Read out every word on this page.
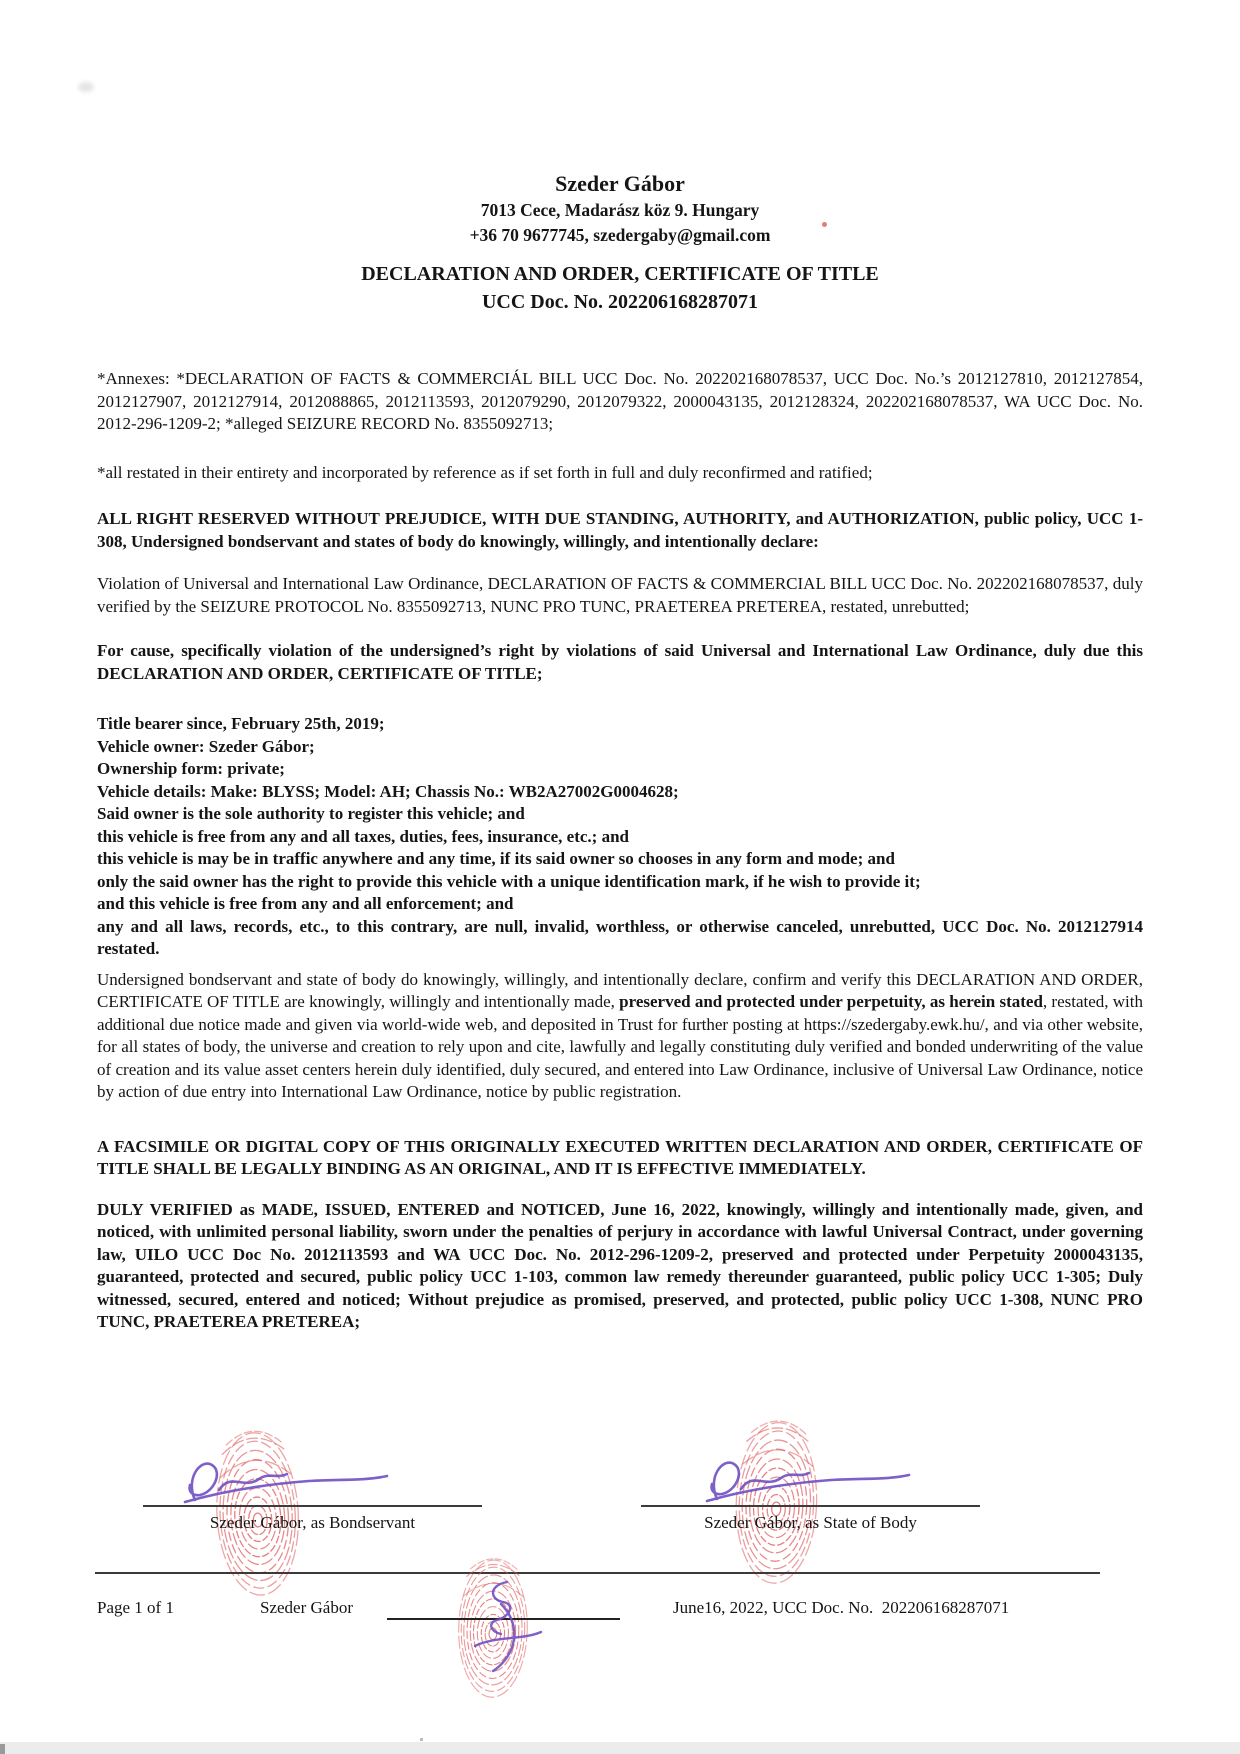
Szeder Gábor
7013 Cece, Madarász köz 9. Hungary
+36 70 9677745, szedergaby@gmail.com
DECLARATION AND ORDER, CERTIFICATE OF TITLE
UCC Doc. No. 202206168287071
*Annexes: *DECLARATION OF FACTS & COMMERCIÁL BILL UCC Doc. No. 202202168078537, UCC Doc. No.’s 2012127810, 2012127854, 2012127907, 2012127914, 2012088865, 2012113593, 2012079290, 2012079322, 2000043135, 2012128324, 202202168078537, WA UCC Doc. No. 2012-296-1209-2; *alleged SEIZURE RECORD No. 8355092713;
*all restated in their entirety and incorporated by reference as if set forth in full and duly reconfirmed and ratified;
ALL RIGHT RESERVED WITHOUT PREJUDICE, WITH DUE STANDING, AUTHORITY, and AUTHORIZATION, public policy, UCC 1-308, Undersigned bondservant and states of body do knowingly, willingly, and intentionally declare:
Violation of Universal and International Law Ordinance, DECLARATION OF FACTS & COMMERCIAL BILL UCC Doc. No. 202202168078537, duly verified by the SEIZURE PROTOCOL No. 8355092713, NUNC PRO TUNC, PRAETEREA PRETEREA, restated, unrebutted;
For cause, specifically violation of the undersigned’s right by violations of said Universal and International Law Ordinance, duly due this DECLARATION AND ORDER, CERTIFICATE OF TITLE;
Title bearer since, February 25th, 2019;
Vehicle owner: Szeder Gábor;
Ownership form: private;
Vehicle details: Make: BLYSS; Model: AH; Chassis No.: WB2A27002G0004628;
Said owner is the sole authority to register this vehicle; and
this vehicle is free from any and all taxes, duties, fees, insurance, etc.; and
this vehicle is may be in traffic anywhere and any time, if its said owner so chooses in any form and mode; and
only the said owner has the right to provide this vehicle with a unique identification mark, if he wish to provide it;
and this vehicle is free from any and all enforcement; and
any and all laws, records, etc., to this contrary, are null, invalid, worthless, or otherwise canceled, unrebutted, UCC Doc. No. 2012127914 restated.
Undersigned bondservant and state of body do knowingly, willingly, and intentionally declare, confirm and verify this DECLARATION AND ORDER, CERTIFICATE OF TITLE are knowingly, willingly and intentionally made, preserved and protected under perpetuity, as herein stated, restated, with additional due notice made and given via world-wide web, and deposited in Trust for further posting at https://szedergaby.ewk.hu/, and via other website, for all states of body, the universe and creation to rely upon and cite, lawfully and legally constituting duly verified and bonded underwriting of the value of creation and its value asset centers herein duly identified, duly secured, and entered into Law Ordinance, inclusive of Universal Law Ordinance, notice by action of due entry into International Law Ordinance, notice by public registration.
A FACSIMILE OR DIGITAL COPY OF THIS ORIGINALLY EXECUTED WRITTEN DECLARATION AND ORDER, CERTIFICATE OF TITLE SHALL BE LEGALLY BINDING AS AN ORIGINAL, AND IT IS EFFECTIVE IMMEDIATELY.
DULY VERIFIED as MADE, ISSUED, ENTERED and NOTICED, June 16, 2022, knowingly, willingly and intentionally made, given, and noticed, with unlimited personal liability, sworn under the penalties of perjury in accordance with lawful Universal Contract, under governing law, UILO UCC Doc No. 2012113593 and WA UCC Doc. No. 2012-296-1209-2, preserved and protected under Perpetuity 2000043135, guaranteed, protected and secured, public policy UCC 1-103, common law remedy thereunder guaranteed, public policy UCC 1-305; Duly witnessed, secured, entered and noticed; Without prejudice as promised, preserved, and protected, public policy UCC 1-308, NUNC PRO TUNC, PRAETEREA PRETEREA;
Szeder Gábor, as Bondservant	Szeder Gábor, as State of Body
Page 1 of 1	Szeder Gábor	June16, 2022, UCC Doc. No.  202206168287071
